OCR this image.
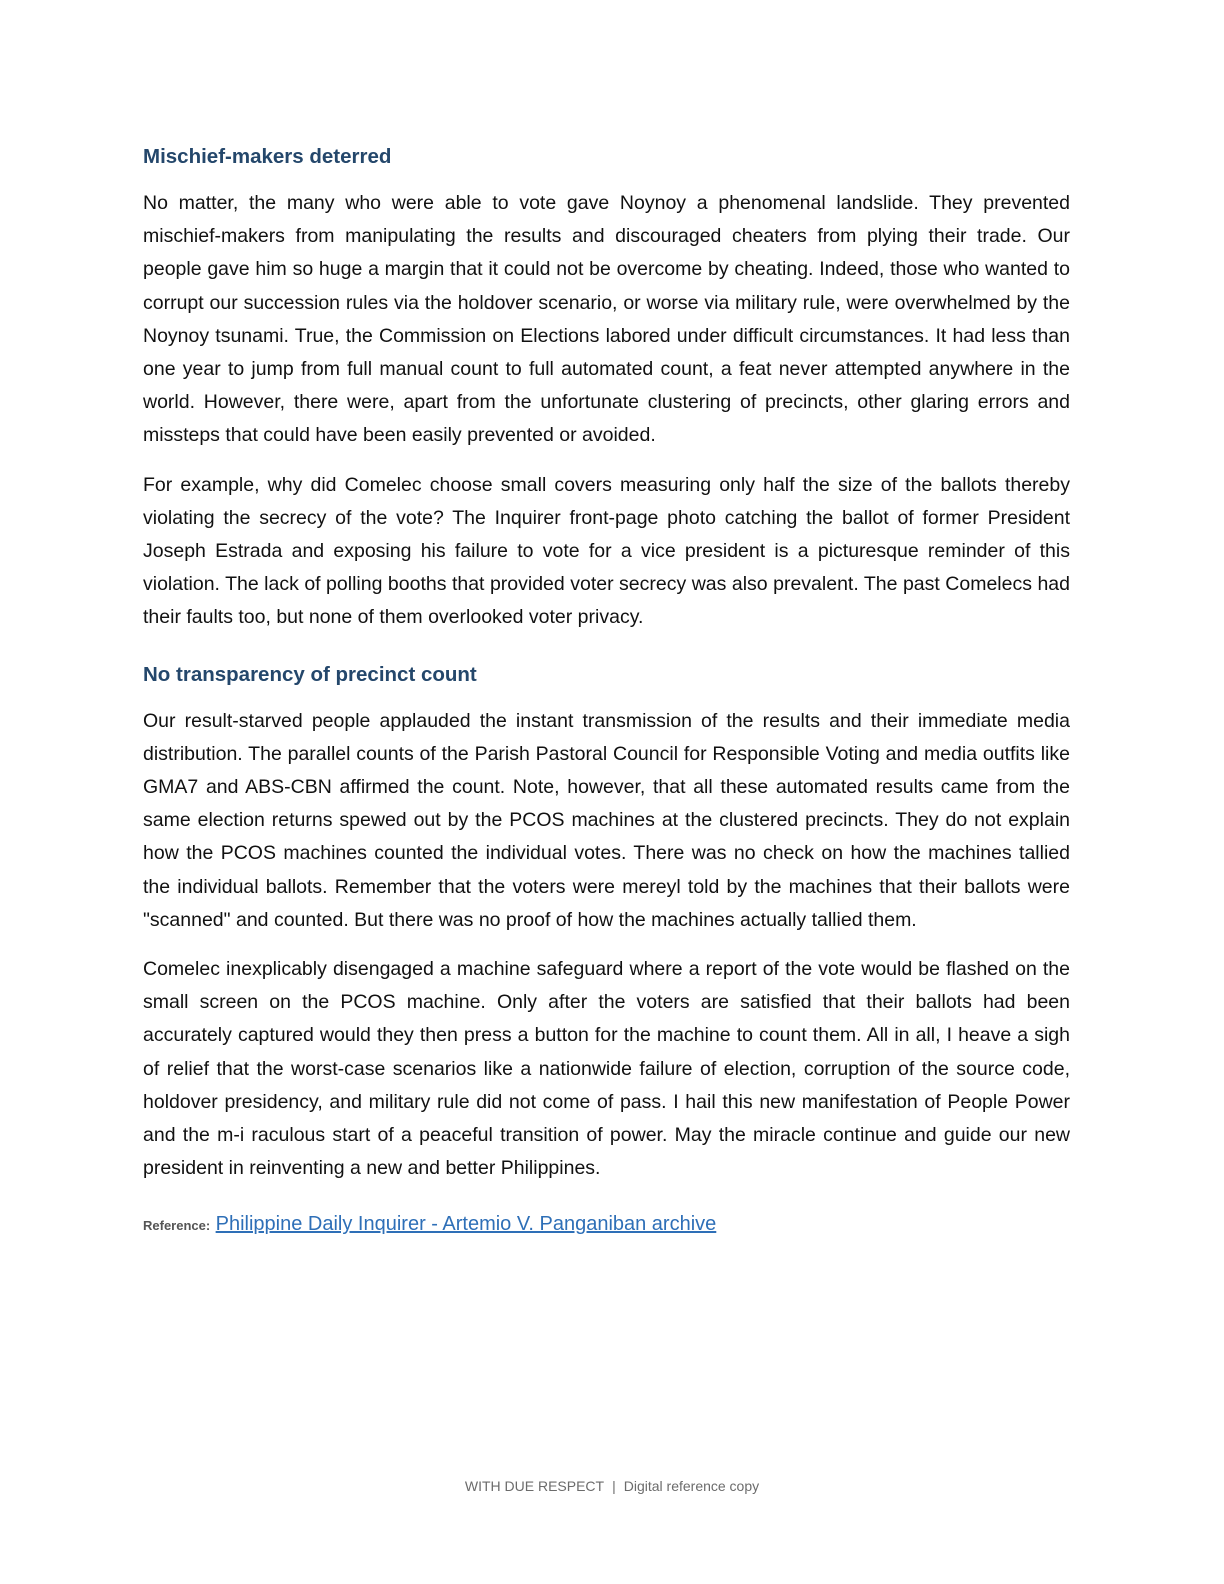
Mischief-makers deterred

No matter, the many who were able to vote gave Noynoy a phenomenal landslide. They prevented mischief-makers from manipulating the results and discouraged cheaters from plying their trade. Our people gave him so huge a margin that it could not be overcome by cheating. Indeed, those who wanted to corrupt our succession rules via the holdover scenario, or worse via military rule, were overwhelmed by the Noynoy tsunami. True, the Commission on Elections labored under difficult circumstances. It had less than one year to jump from full manual count to full automated count, a feat never attempted anywhere in the world. However, there were, apart from the unfortunate clustering of precincts, other glaring errors and missteps that could have been easily prevented or avoided.

For example, why did Comelec choose small covers measuring only half the size of the ballots thereby violating the secrecy of the vote? The Inquirer front-page photo catching the ballot of former President Joseph Estrada and exposing his failure to vote for a vice president is a picturesque reminder of this violation. The lack of polling booths that provided voter secrecy was also prevalent. The past Comelecs had their faults too, but none of them overlooked voter privacy.

No transparency of precinct count

Our result-starved people applauded the instant transmission of the results and their immediate media distribution. The parallel counts of the Parish Pastoral Council for Responsible Voting and media outfits like GMA7 and ABS-CBN affirmed the count. Note, however, that all these automated results came from the same election returns spewed out by the PCOS machines at the clustered precincts. They do not explain how the PCOS machines counted the individual votes. There was no check on how the machines tallied the individual ballots. Remember that the voters were mereyl told by the machines that their ballots were "scanned" and counted. But there was no proof of how the machines actually tallied them.

Comelec inexplicably disengaged a machine safeguard where a report of the vote would be flashed on the small screen on the PCOS machine. Only after the voters are satisfied that their ballots had been accurately captured would they then press a button for the machine to count them. All in all, I heave a sigh of relief that the worst-case scenarios like a nationwide failure of election, corruption of the source code, holdover presidency, and military rule did not come of pass. I hail this new manifestation of People Power and the m-i raculous start of a peaceful transition of power. May the miracle continue and guide our new president in reinventing a new and better Philippines.

Reference: Philippine Daily Inquirer - Artemio V. Panganiban archive
WITH DUE RESPECT | Digital reference copy
